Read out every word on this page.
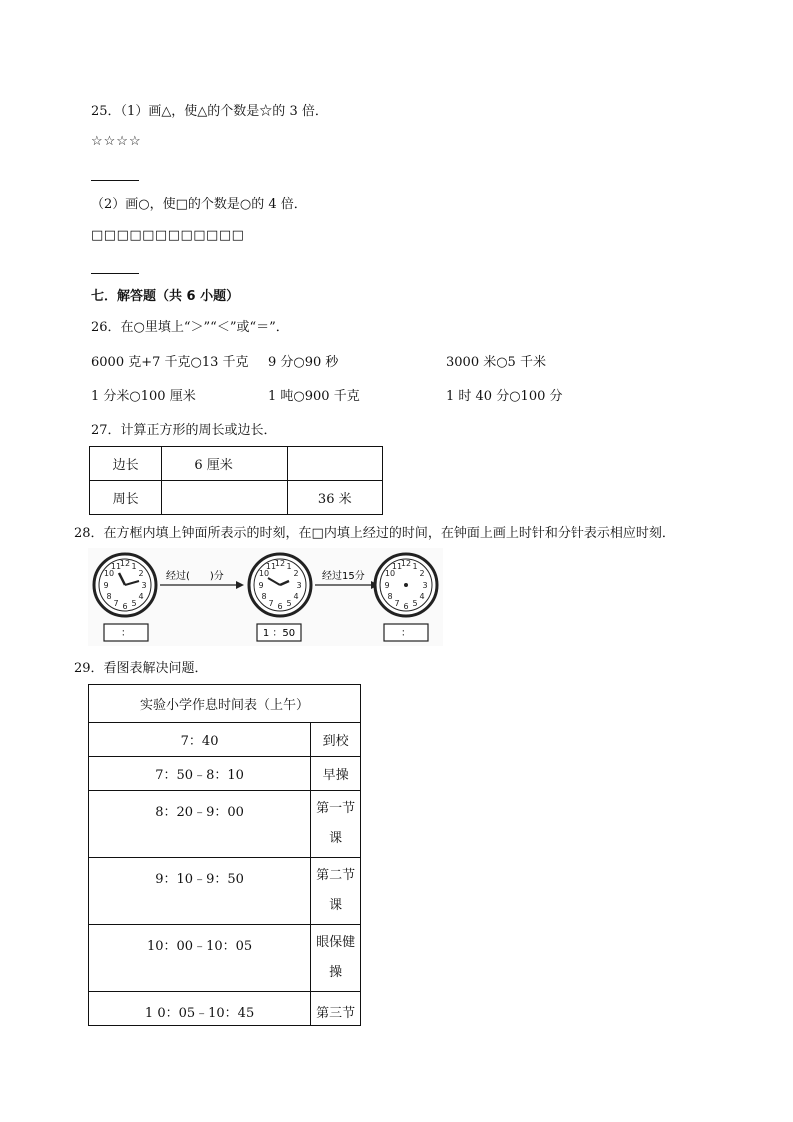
25．（1）画△，使△的个数是☆的 3 倍．
☆☆☆☆
（2）画○，使□的个数是○的 4 倍．
□□□□□□□□□□□□
七．解答题（共 6 小题）
26．在○里填上“＞”“＜”或“＝”．
6000 克+7 千克○13 千克 9 分○90 秒	3000 米○5 千米
1 分米○100 厘米	1 吨○900 千克	1 时 40 分○100 分
27．计算正方形的周长或边长．
边长	6 厘米	
周长		36 米
28．在方框内填上钟面所表示的时刻，在□内填上经过的时间，在钟面上画上时针和分针表示相应时刻．
12 1
2
3
4
5
6
7
8
9
10
11
经过(　　)分
12 1
2
3
4
5
6
7
8
9
10
11
经过15分
12 1
2
3
4
5
6
7
8
9
10
11
：	1 ：50	：
29．看图表解决问题．
实验小学作息时间表（上午）	
7：40	到校
7：50﹣8：10	早操
8：20﹣9：00	第一节
课

9：10﹣9：50	第二节
课

10：00﹣10：05	眼保健
操

1 0：05﹣10：45	第三节
